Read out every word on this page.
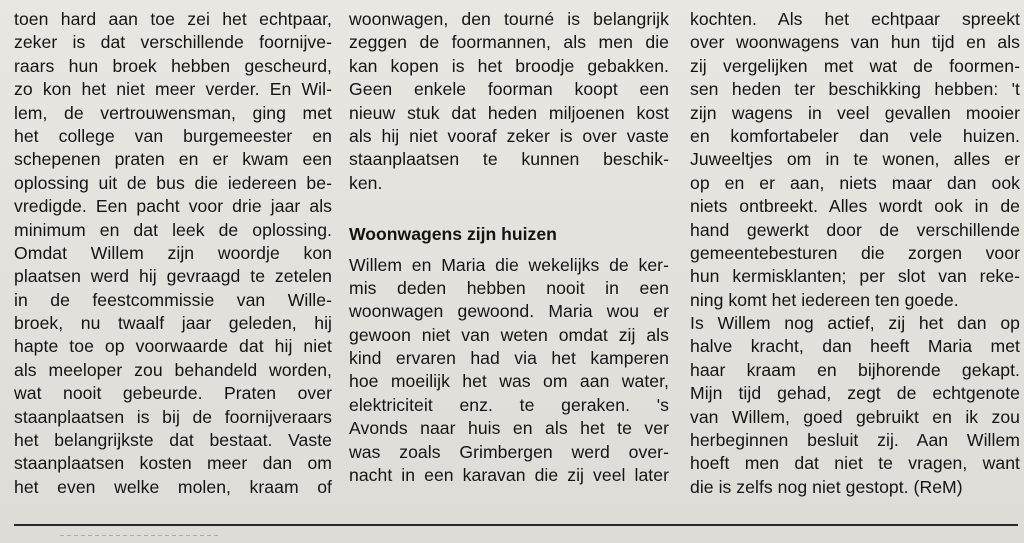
toen hard aan toe zei het echtpaar,
zeker is dat verschillende foornijve-
raars hun broek hebben gescheurd,
zo kon het niet meer verder. En Wil-
lem, de vertrouwensman, ging met
het college van burgemeester en
schepenen praten en er kwam een
oplossing uit de bus die iedereen be-
vredigde. Een pacht voor drie jaar als
minimum en dat leek de oplossing.
Omdat Willem zijn woordje kon
plaatsen werd hij gevraagd te zetelen
in de feestcommissie van Wille-
broek, nu twaalf jaar geleden, hij
hapte toe op voorwaarde dat hij niet
als meeloper zou behandeld worden,
wat nooit gebeurde. Praten over
staanplaatsen is bij de foornijveraars
het belangrijkste dat bestaat. Vaste
staanplaatsen kosten meer dan om
het even welke molen, kraam of
woonwagen, den tourné is belangrijk
zeggen de foormannen, als men die
kan kopen is het broodje gebakken.
Geen enkele foorman koopt een
nieuw stuk dat heden miljoenen kost
als hij niet vooraf zeker is over vaste
staanplaatsen te kunnen beschik-
ken.
Woonwagens zijn huizen
Willem en Maria die wekelijks de ker-
mis deden hebben nooit in een
woonwagen gewoond. Maria wou er
gewoon niet van weten omdat zij als
kind ervaren had via het kamperen
hoe moeilijk het was om aan water,
elektriciteit enz. te geraken. 's
Avonds naar huis en als het te ver
was zoals Grimbergen werd over-
nacht in een karavan die zij veel later
kochten. Als het echtpaar spreekt
over woonwagens van hun tijd en als
zij vergelijken met wat de foormen-
sen heden ter beschikking hebben: 't
zijn wagens in veel gevallen mooier
en komfortabeler dan vele huizen.
Juweeltjes om in te wonen, alles er
op en er aan, niets maar dan ook
niets ontbreekt. Alles wordt ook in de
hand gewerkt door de verschillende
gemeentebesturen die zorgen voor
hun kermisklanten; per slot van reke-
ning komt het iedereen ten goede.
Is Willem nog actief, zij het dan op
halve kracht, dan heeft Maria met
haar kraam en bijhorende gekapt.
Mijn tijd gehad, zegt de echtgenote
van Willem, goed gebruikt en ik zou
herbeginnen besluit zij. Aan Willem
hoeft men dat niet te vragen, want
die is zelfs nog niet gestopt. (ReM)
